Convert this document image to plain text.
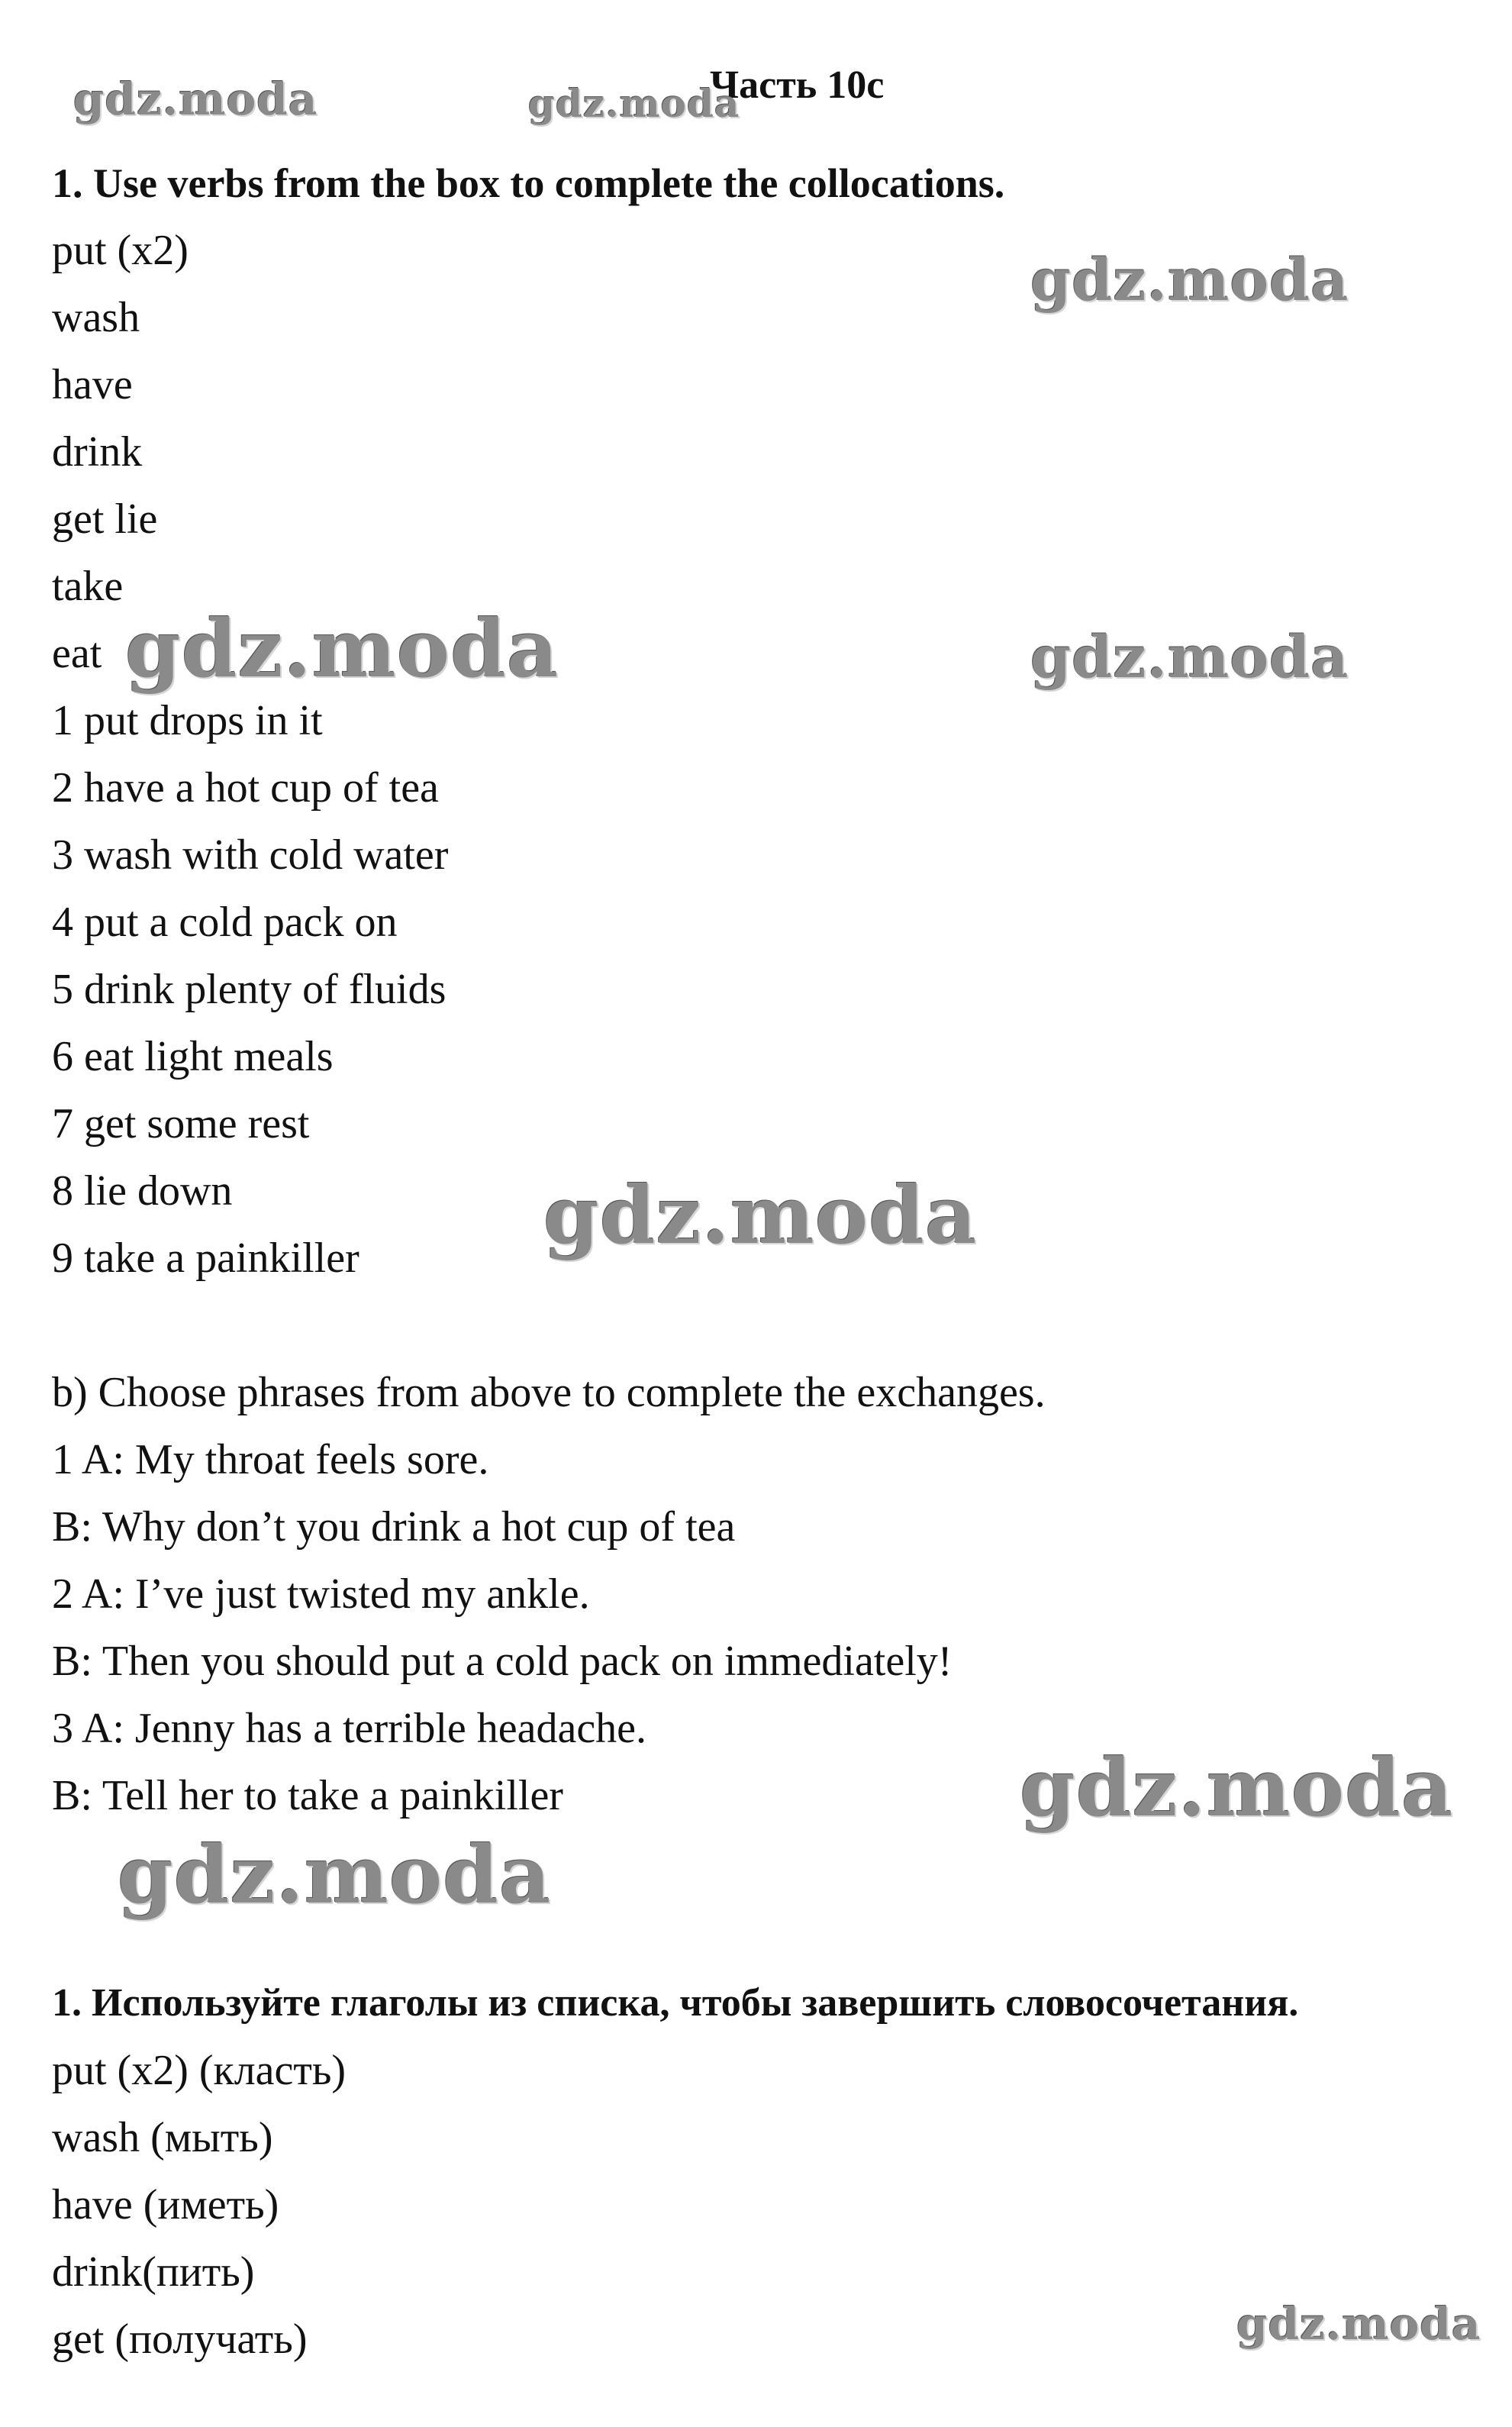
Часть 10с
1. Use verbs from the box to complete the collocations.
put (x2)
wash
have
drink
get lie
take
eat
1 put drops in it
2 have a hot cup of tea
3 wash with cold water
4 put a cold pack on
5 drink plenty of fluids
6 eat light meals
7 get some rest
8 lie down
9 take a painkiller
b) Choose phrases from above to complete the exchanges.
1 A: My throat feels sore.
B: Why don’t you drink a hot cup of tea
2 A: I’ve just twisted my ankle.
B: Then you should put a cold pack on immediately!
3 A: Jenny has a terrible headache.
B: Tell her to take a painkiller
1. Используйте глаголы из списка, чтобы завершить словосочетания.
put (x2) (класть)
wash (мыть)
have (иметь)
drink(пить)
get (получать)
gdz.moda	gdz.moda
gdz.moda
gdz.moda	gdz.moda
gdz.moda
gdz.moda
gdz.moda
gdz.moda
